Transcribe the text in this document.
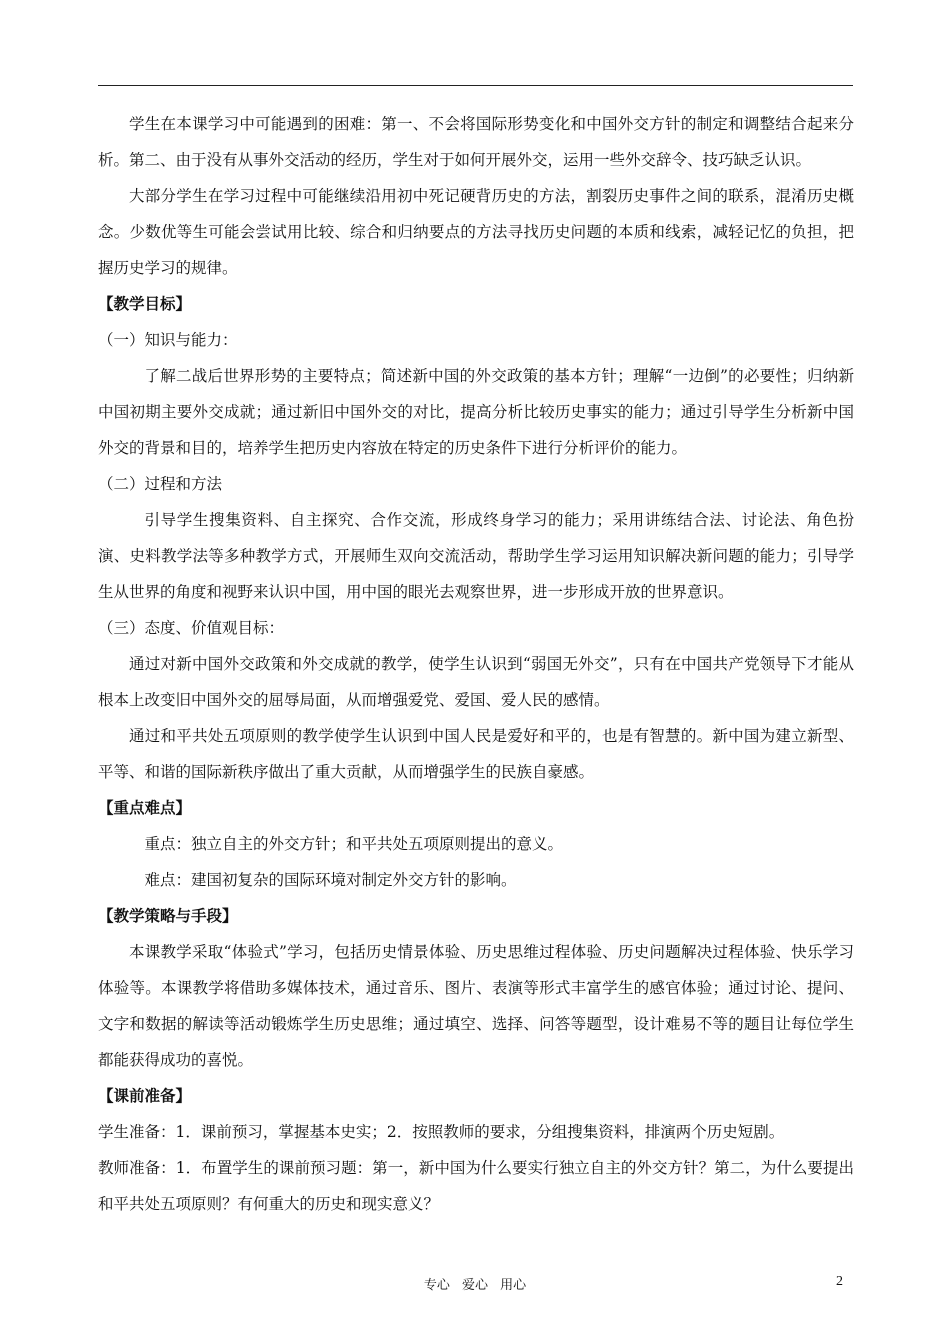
学生在本课学习中可能遇到的困难：第一、不会将国际形势变化和中国外交方针的制定和调整结合起来分析。第二、由于没有从事外交活动的经历，学生对于如何开展外交，运用一些外交辞令、技巧缺乏认识。

大部分学生在学习过程中可能继续沿用初中死记硬背历史的方法，割裂历史事件之间的联系，混淆历史概念。少数优等生可能会尝试用比较、综合和归纳要点的方法寻找历史问题的本质和线索，减轻记忆的负担，把握历史学习的规律。

【教学目标】

（一）知识与能力：

了解二战后世界形势的主要特点；简述新中国的外交政策的基本方针；理解“一边倒”的必要性；归纳新中国初期主要外交成就；通过新旧中国外交的对比，提高分析比较历史事实的能力；通过引导学生分析新中国外交的背景和目的，培养学生把历史内容放在特定的历史条件下进行分析评价的能力。

（二）过程和方法

引导学生搜集资料、自主探究、合作交流，形成终身学习的能力；采用讲练结合法、讨论法、角色扮演、史料教学法等多种教学方式，开展师生双向交流活动，帮助学生学习运用知识解决新问题的能力；引导学生从世界的角度和视野来认识中国，用中国的眼光去观察世界，进一步形成开放的世界意识。

（三）态度、价值观目标：

通过对新中国外交政策和外交成就的教学，使学生认识到“弱国无外交”，只有在中国共产党领导下才能从根本上改变旧中国外交的屈辱局面，从而增强爱党、爱国、爱人民的感情。

通过和平共处五项原则的教学使学生认识到中国人民是爱好和平的，也是有智慧的。新中国为建立新型、平等、和谐的国际新秩序做出了重大贡献，从而增强学生的民族自豪感。

【重点难点】

重点：独立自主的外交方针；和平共处五项原则提出的意义。

难点：建国初复杂的国际环境对制定外交方针的影响。

【教学策略与手段】

本课教学采取“体验式”学习，包括历史情景体验、历史思维过程体验、历史问题解决过程体验、快乐学习体验等。本课教学将借助多媒体技术，通过音乐、图片、表演等形式丰富学生的感官体验；通过讨论、提问、文字和数据的解读等活动锻炼学生历史思维；通过填空、选择、问答等题型，设计难易不等的题目让每位学生都能获得成功的喜悦。

【课前准备】

学生准备：1．课前预习，掌握基本史实；2．按照教师的要求，分组搜集资料，排演两个历史短剧。

教师准备：1．布置学生的课前预习题：第一，新中国为什么要实行独立自主的外交方针？第二，为什么要提出和平共处五项原则？有何重大的历史和现实意义？

专心 爱心 用心	2
